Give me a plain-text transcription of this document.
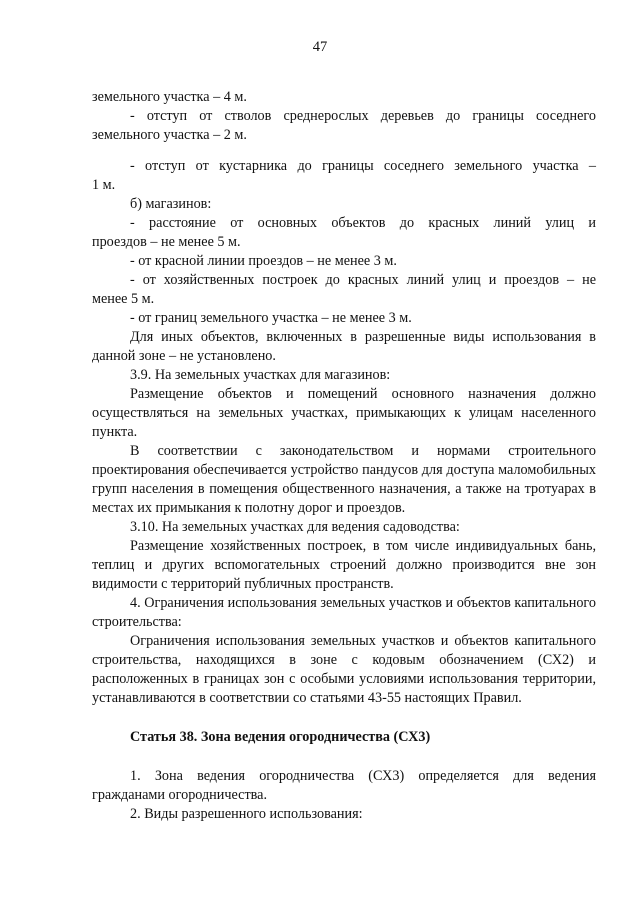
47

земельного участка – 4 м.

- отступ от стволов среднерослых деревьев до границы соседнего

земельного участка – 2 м.

- отступ от кустарника до границы соседнего земельного участка –

1 м.

б) магазинов:

- расстояние от основных объектов до красных линий улиц и

проездов – не менее 5 м.

- от красной линии проездов – не менее 3 м.

- от хозяйственных построек до красных линий улиц и проездов – не

менее 5 м.

- от границ земельного участка – не менее 3 м.

Для иных объектов, включенных в разрешенные виды использования в данной зоне – не установлено.

3.9. На земельных участках для магазинов:

Размещение объектов и помещений основного назначения должно осуществляться на земельных участках, примыкающих к улицам населенного пункта.

В соответствии с законодательством и нормами строительного проектирования обеспечивается устройство пандусов для доступа маломобильных групп населения в помещения общественного назначения, а также на тротуарах в местах их примыкания к полотну дорог и проездов.

3.10. На земельных участках для ведения садоводства:

Размещение хозяйственных построек, в том числе индивидуальных бань, теплиц и других вспомогательных строений должно производится вне зон видимости с территорий публичных пространств.

4. Ограничения использования земельных участков и объектов капитального строительства:

Ограничения использования земельных участков и объектов капитального строительства, находящихся в зоне с кодовым обозначением (СХ2) и расположенных в границах зон с особыми условиями использования территории, устанавливаются в соответствии со статьями 43-55 настоящих Правил.

Статья 38. Зона ведения огородничества (СХ3)

1. Зона ведения огородничества (СХ3) определяется для ведения гражданами огородничества.

2. Виды разрешенного использования:
